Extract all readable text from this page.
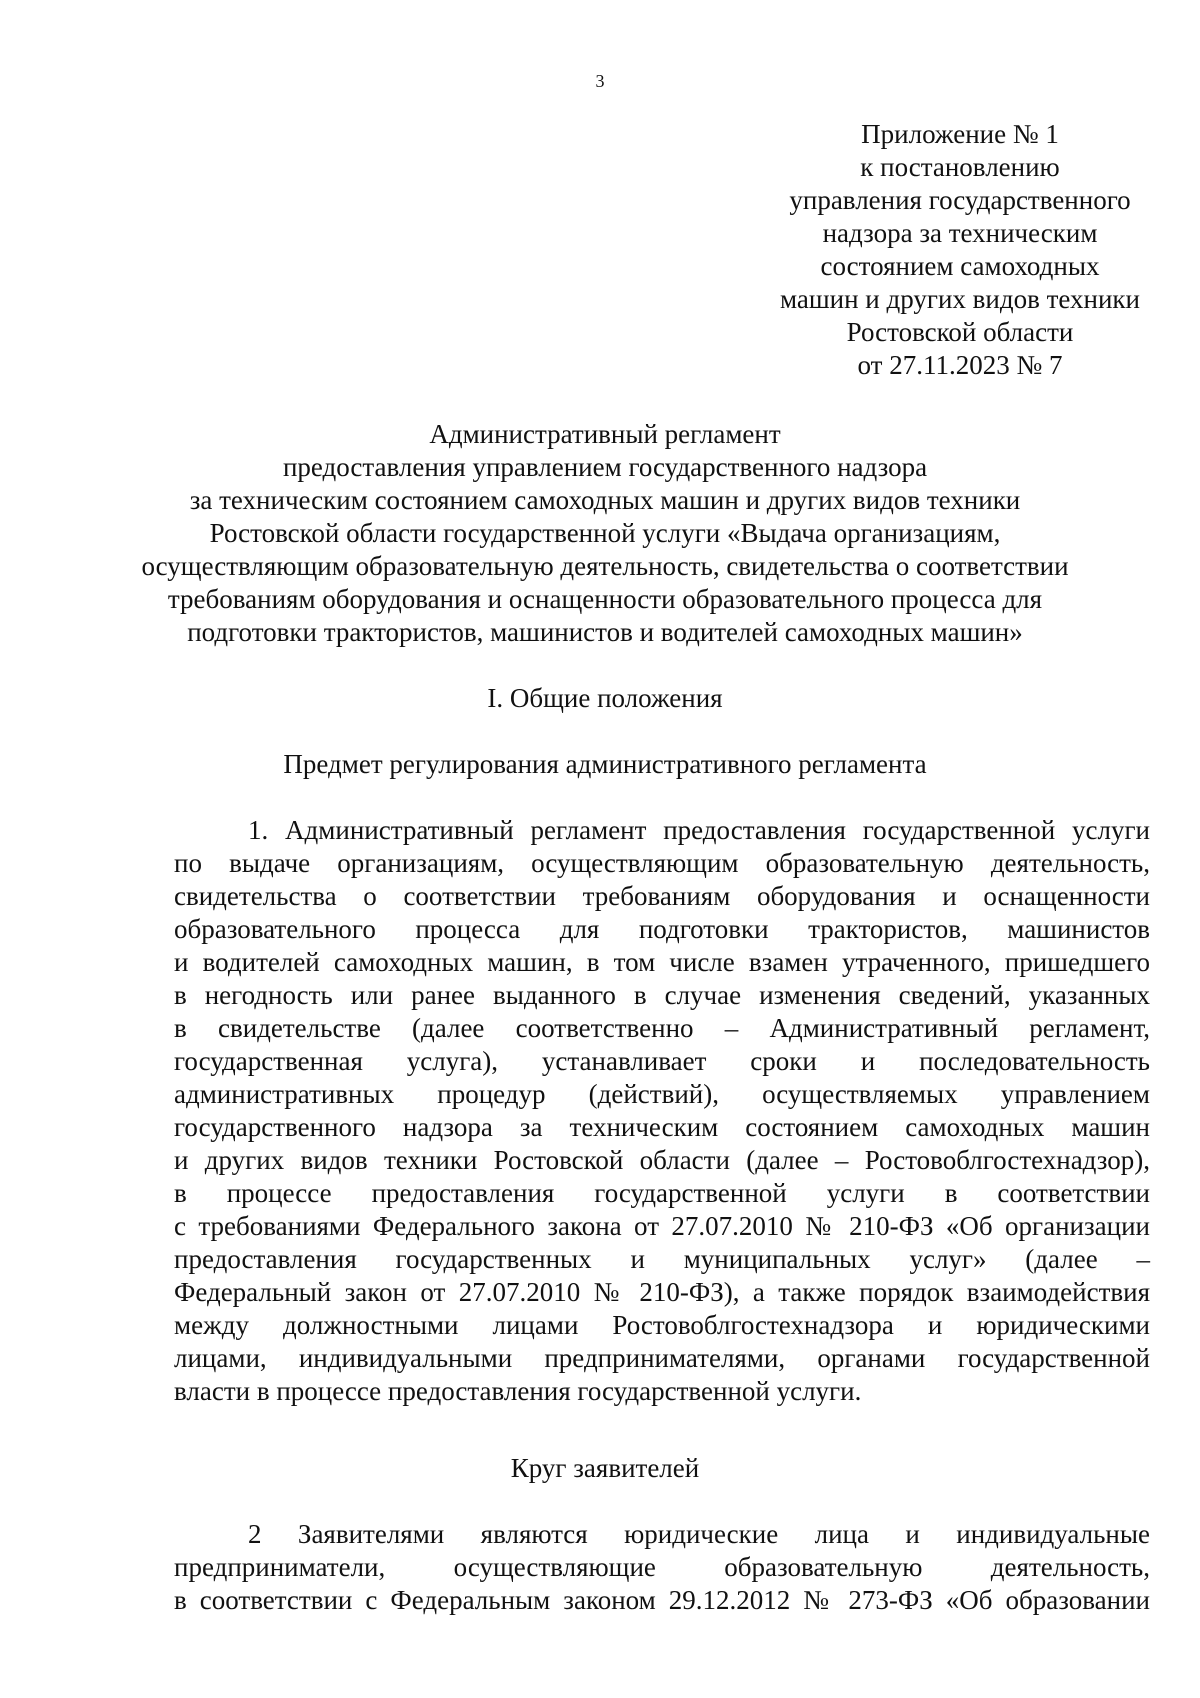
3
Приложение № 1
к постановлению
управления государственного
надзора за техническим
состоянием самоходных
машин и других видов техники
Ростовской области
от 27.11.2023 № 7
Административный регламент
предоставления управлением государственного надзора
за техническим состоянием самоходных машин и других видов техники
Ростовской области государственной услуги «Выдача организациям,
осуществляющим образовательную деятельность, свидетельства о соответствии
требованиям оборудования и оснащенности образовательного процесса для
подготовки трактористов, машинистов и водителей самоходных машин»
I. Общие положения
Предмет регулирования административного регламента
1. Административный регламент предоставления государственной услуги
по выдаче организациям, осуществляющим образовательную деятельность,
свидетельства о соответствии требованиям оборудования и оснащенности
образовательного процесса для подготовки трактористов, машинистов
и водителей самоходных машин, в том числе взамен утраченного, пришедшего
в негодность или ранее выданного в случае изменения сведений, указанных
в свидетельстве (далее соответственно – Административный регламент,
государственная услуга), устанавливает сроки и последовательность
административных процедур (действий), осуществляемых управлением
государственного надзора за техническим состоянием самоходных машин
и других видов техники Ростовской области (далее – Ростовоблгостехнадзор),
в процессе предоставления государственной услуги в соответствии
с требованиями Федерального закона от 27.07.2010 № 210-ФЗ «Об организации
предоставления государственных и муниципальных услуг» (далее –
Федеральный закон от 27.07.2010 № 210-ФЗ), а также порядок взаимодействия
между должностными лицами Ростовоблгостехнадзора и юридическими
лицами, индивидуальными предпринимателями, органами государственной
власти в процессе предоставления государственной услуги.
Круг заявителей
2 Заявителями являются юридические лица и индивидуальные
предприниматели, осуществляющие образовательную деятельность,
в соответствии с Федеральным законом 29.12.2012 № 273-ФЗ «Об образовании
